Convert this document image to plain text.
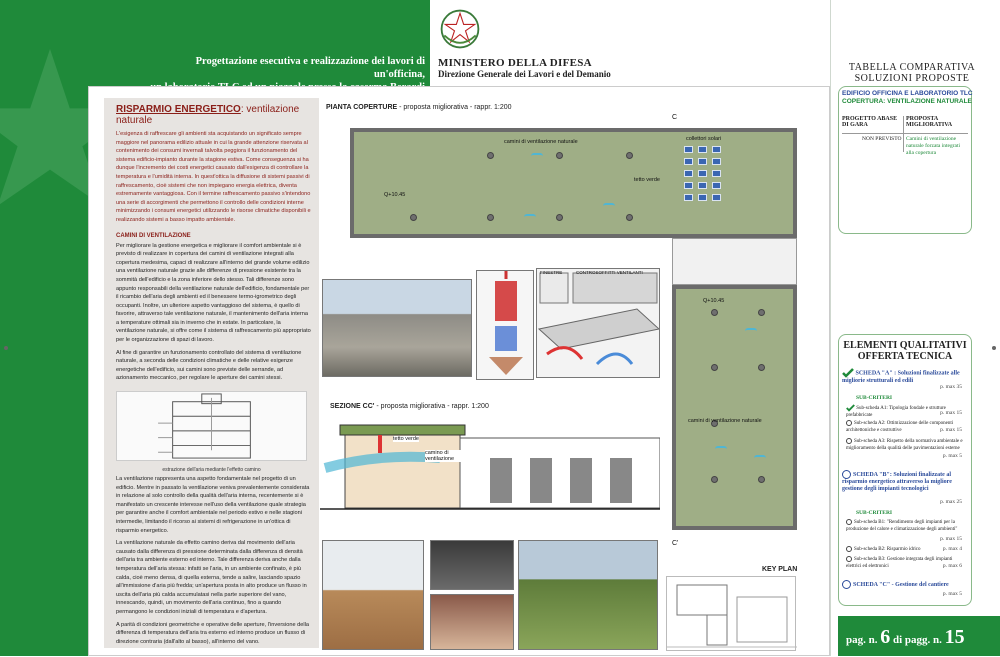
Progettazione esecutiva e realizzazione dei lavori di un'officina,
MINISTERO DELLA DIFESA
Direzione Generale dei Lavori e del Demanio
RISPARMIO ENERGETICO: ventilazione naturale
L'esigenza di raffrescare gli ambienti sta acquistando un significato sempre maggiore nel panorama edilizio attuale in cui la grande attenzione riservata al contenimento dei consumi invernali talvolta peggiora il funzionamento del sistema edificio-impianto durante la stagione estiva. Come conseguenza si ha dunque l'incremento dei costi energetici causato dall'esigenza di controllare la temperatura e l'umidità interna. In quest'ottica la diffusione di sistemi passivi di raffrescamento, cioè sistemi che non impiegano energia elettrica, diventa estremamente vantaggiosa. Con il termine raffrescamento passivo s'intendono una serie di accorgimenti che permettono il controllo delle condizioni interne minimizzando i consumi energetici utilizzando le risorse climatiche disponibili e realizzando sistemi a basso impatto ambientale.
CAMINI DI VENTILAZIONE
Per migliorare la gestione energetica e migliorare il comfort ambientale si è previsto di realizzare in copertura dei camini di ventilazione integrati alla copertura medesima, capaci di realizzare all'interno del grande volume edilizio una ventilazione naturale grazie alle differenze di pressione esistente tra la sommità dell'edificio e la zona inferiore dello stesso. Tali differenze sono appunto responsabili della ventilazione naturale dell'edificio, fondamentale per il ricambio dell'aria degli ambienti ed il benessere termo-igrometrico degli occupanti. Inoltre, un ulteriore aspetto vantaggioso del sistema, è quello di favorire, attraverso tale ventilazione naturale, il mantenimento dell'aria interna a temperature ottimali sia in inverno che in estate. In particolare, la ventilazione naturale, si offre come il sistema di raffrescamento più appropriato per le organizzazione di spazi di lavoro.
Al fine di garantire un funzionamento controllato del sistema di ventilazione naturale, a seconda delle condizioni climatiche e delle relative esigenze energetiche dell'edificio, sui camini sono previste delle serrande, ad azionamento meccanico, per regolare le aperture dei camini stessi.
estrazione dell'aria mediante l'effetto camino
La ventilazione rappresenta una aspetto fondamentale nel progetto di un edificio. Mentre in passato la ventilazione veniva prevalentemente considerata in relazione al solo controllo della qualità dell'aria interna, recentemente si è manifestato un crescente interesse nell'uso della ventilazione quale strategia per garantire anche il comfort ambientale nel periodo estivo e nelle stagioni intermedie, limitando il ricorso ai sistemi di refrigerazione in un'ottica di risparmio energetico.
La ventilazione naturale da effetto camino deriva dal movimento dell'aria causato dalla differenza di pressione determinata dalla differenza di densità dell'aria tra ambiente esterno ed interno. Tale differenza deriva anche dalla temperatura dell'aria stessa: infatti se l'aria, in un ambiente confinato, è più calda, cioè meno densa, di quella esterna, tende a salire, lasciando spazio all'immissione d'aria più fredda; un'apertura posta in alto produce un flusso in uscita dell'aria più calda accumulatasi nella parte superiore del vano, innescando, quindi, un movimento dell'aria continuo, fino a quando permangono le condizioni iniziali di temperatura e d'apertura.
A parità di condizioni geometriche e operative delle aperture, l'inversione della differenza di temperatura dell'aria tra esterno ed interno produce un flusso di direzione contraria (dall'alto al basso), all'interno del vano.
PIANTA COPERTURE - proposta migliorativa - rappr. 1:200
camini di ventilazione naturale	collettori solari
tetto verde
camini di ventilazione naturale
Q+10.45
Q+10.45
C
C'
FINESTRE	CONTROSOFFITTI VENTILANTI
SEZIONE CC' - proposta migliorativa - rappr. 1:200
tetto verde
camino di ventilazione
KEY PLAN
TABELLA COMPARATIVA
SOLUZIONI PROPOSTE
EDIFICIO OFFICINA E LABORATORIO TLC
COPERTURA: VENTILAZIONE NATURALE
PROGETTO ABASE DI GARA
PROPOSTA MIGLIORATIVA
NON PREVISTO Camini di ventilazione naturale forzata integrati alla copertura
ELEMENTI QUALITATIVI
OFFERTA TECNICA
SCHEDA "A" : Soluzioni finalizzate alle migliorie strutturali ed edili
p. max 35
SUB-CRITERI
Sub-scheda A1: Tipologia fondale e strutture prefabbricate	p. max 15
Sub-scheda A2: Ottimizzazione delle componenti architettoniche e costruttive	p. max 15
Sub-scheda A3: Rispetto della normativa ambientale e miglioramento della qualità delle pavimentazioni esterne
p. max 5
SCHEDA "B": Soluzioni finalizzate al risparmio energetico attraverso la migliore gestione degli impianti tecnologici
p. max 25
SUB-CRITERI
Sub-scheda B1: "Rendimento degli impianti per la produzione del calore e climatizzazione degli ambienti"
p. max 15
Sub-scheda B2: Risparmio idrico	p. max 4
Sub-scheda B3: Gestione integrata degli impianti elettrici ed elettronici	p. max 6
SCHEDA "C" - Gestione del cantiere
p. max 5
pag. n. 6 di pagg. n. 15
